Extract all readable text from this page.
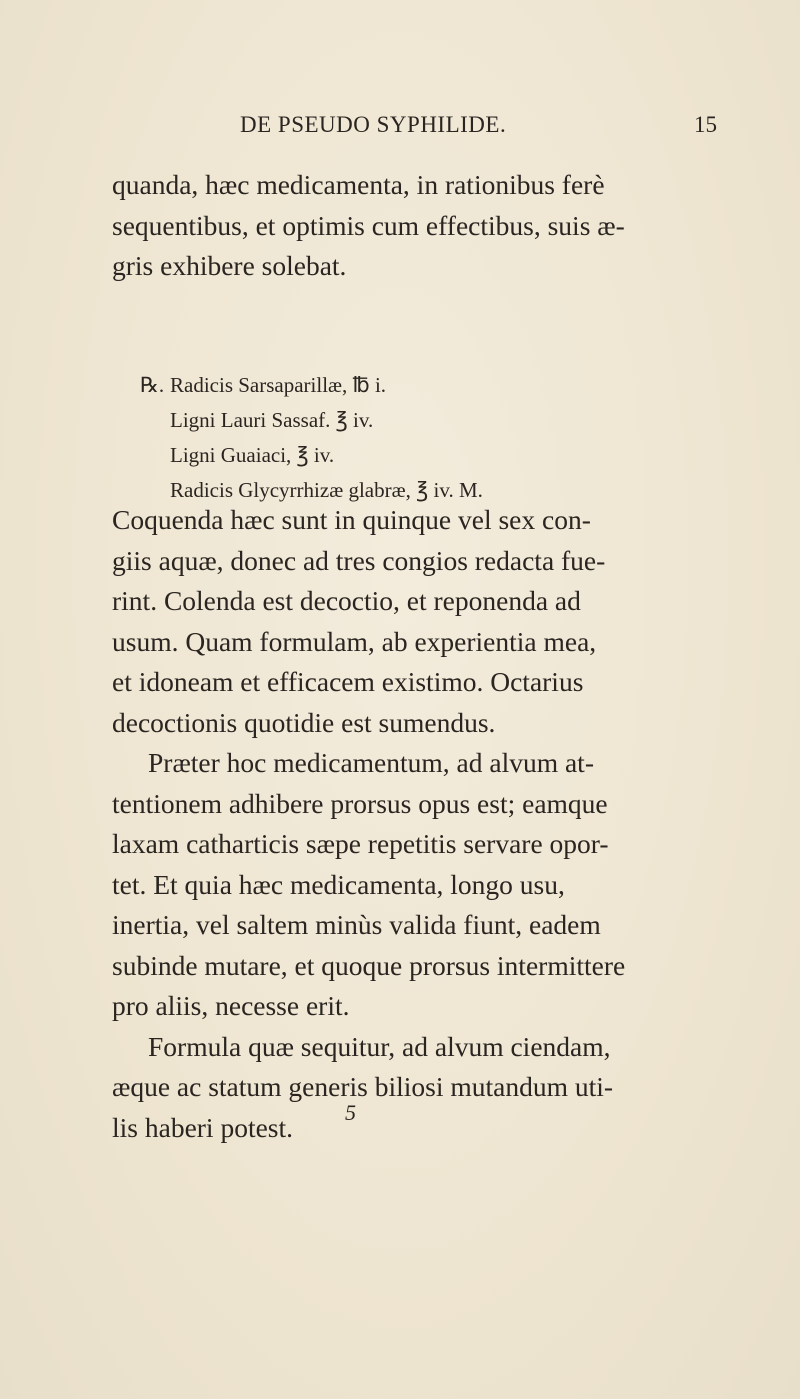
DE PSEUDO SYPHILIDE.	15

quanda, hæc medicamenta, in rationibus ferè
sequentibus, et optimis cum effectibus, suis æ-
gris exhibere solebat.

℞. Radicis Sarsaparillæ, ℔ i.
Ligni Lauri Sassaf. ℥ iv.
Ligni Guaiaci, ℥ iv.
Radicis Glycyrrhizæ glabræ, ℥ iv. M.

Coquenda hæc sunt in quinque vel sex con-
giis aquæ, donec ad tres congios redacta fue-
rint. Colenda est decoctio, et reponenda ad
usum. Quam formulam, ab experientia mea,
et idoneam et efficacem existimo. Octarius
decoctionis quotidie est sumendus.
Præter hoc medicamentum, ad alvum at-
tentionem adhibere prorsus opus est; eamque
laxam catharticis sæpe repetitis servare opor-
tet. Et quia hæc medicamenta, longo usu,
inertia, vel saltem minùs valida fiunt, eadem
subinde mutare, et quoque prorsus intermittere
pro aliis, necesse erit.
Formula quæ sequitur, ad alvum ciendam,
æque ac statum generis biliosi mutandum uti-
lis haberi potest.	5
